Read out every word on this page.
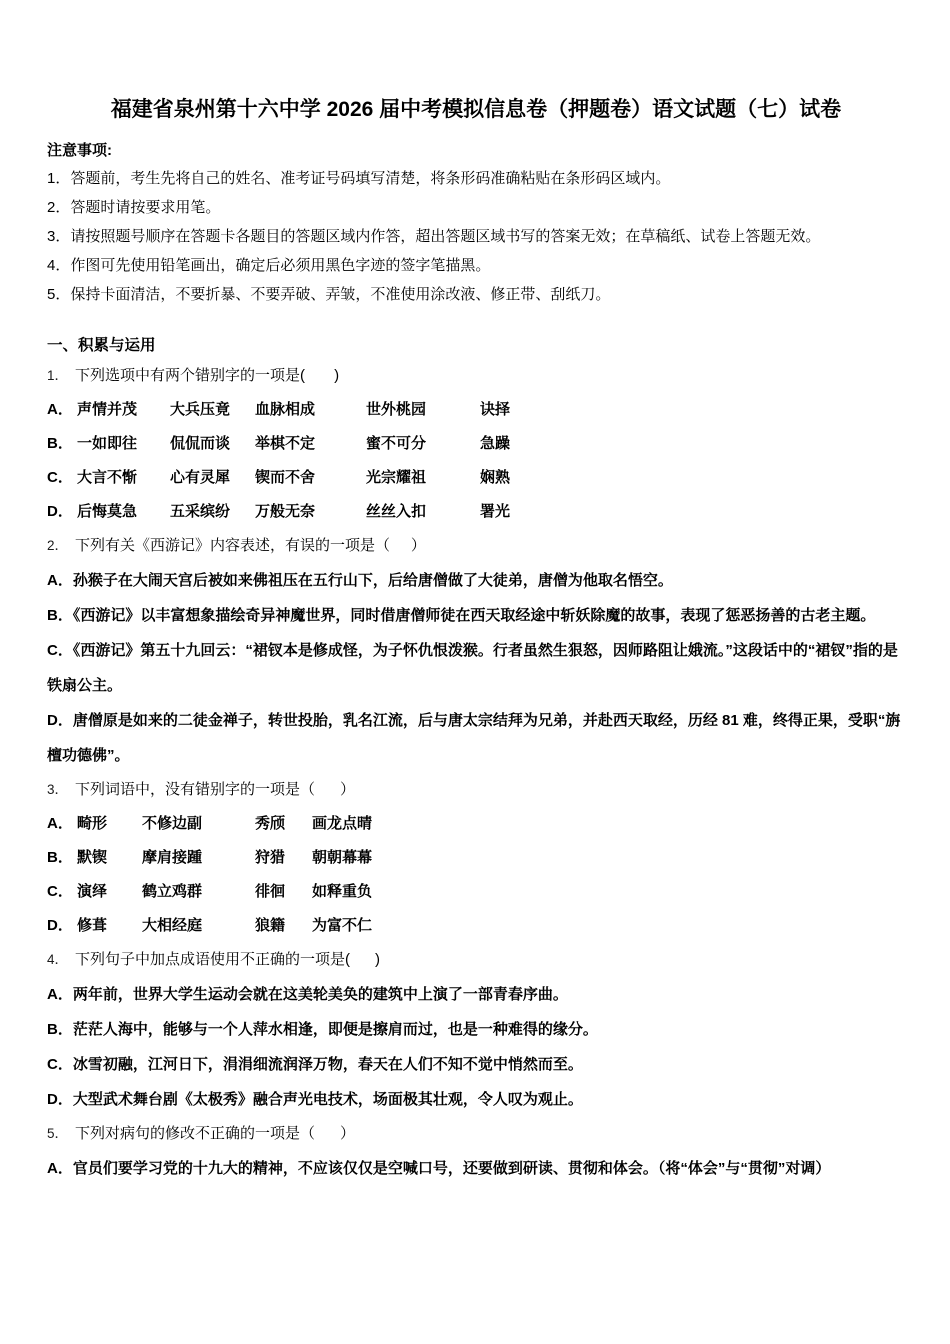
福建省泉州第十六中学 2026 届中考模拟信息卷（押题卷）语文试题（七）试卷
注意事项:
1．答题前，考生先将自己的姓名、准考证号码填写清楚，将条形码准确粘贴在条形码区域内。
2．答题时请按要求用笔。
3．请按照题号顺序在答题卡各题目的答题区域内作答，超出答题区域书写的答案无效；在草稿纸、试卷上答题无效。
4．作图可先使用铅笔画出，确定后必须用黑色字迹的签字笔描黑。
5．保持卡面清洁，不要折暴、不要弄破、弄皱，不准使用涂改液、修正带、刮纸刀。
一、积累与运用
1． 下列选项中有两个错别字的一项是(       )
A． 声情并茂	大兵压竟	血脉相成	世外桃园	诀择
B． 一如即往	侃侃而谈	举棋不定	蜜不可分	急躁
C． 大言不惭	心有灵犀	锲而不舍	光宗耀祖	娴熟
D． 后悔莫急	五采缤纷	万般无奈	丝丝入扣	署光
2． 下列有关《西游记》内容表述，有误的一项是（     ）

A．孙猴子在大闹天宫后被如来佛祖压在五行山下，后给唐僧做了大徒弟，唐僧为他取名悟空。

B．《西游记》以丰富想象描绘奇异神魔世界，同时借唐僧师徒在西天取经途中斩妖除魔的故事，表现了惩恶扬善的古老主题。

C．《西游记》第五十九回云：“裙钗本是修成怪，为子怀仇恨泼猴。行者虽然生狠怒，因师路阻让娥流。”这段话中的“裙钗”指的是铁扇公主。

D．唐僧原是如来的二徒金禅子，转世投胎，乳名江流，后与唐太宗结拜为兄弟，并赴西天取经，历经 81 难，终得正果，受职“旃檀功德佛”。

3． 下列词语中，没有错别字的一项是（      ）
A． 畸形	不修边副	秀颀	画龙点晴
B． 默锲	摩肩接踵	狩猎	朝朝幕幕
C． 演绎	鹤立鸡群	徘徊	如释重负
D． 修葺	大相经庭	狼籍	为富不仁
4． 下列句子中加点成语使用不正确的一项是(      )

A．两年前，世界大学生运动会就在这美轮美奂的建筑中上演了一部青春序曲。

B．茫茫人海中，能够与一个人萍水相逢，即便是擦肩而过，也是一种难得的缘分。

C．冰雪初融，江河日下，涓涓细流润泽万物，春天在人们不知不觉中悄然而至。

D．大型武术舞台剧《太极秀》融合声光电技术，场面极其壮观，令人叹为观止。

5． 下列对病句的修改不正确的一项是（      ）

A．官员们要学习党的十九大的精神，不应该仅仅是空喊口号，还要做到研读、贯彻和体会。（将“体会”与“贯彻”对调）
